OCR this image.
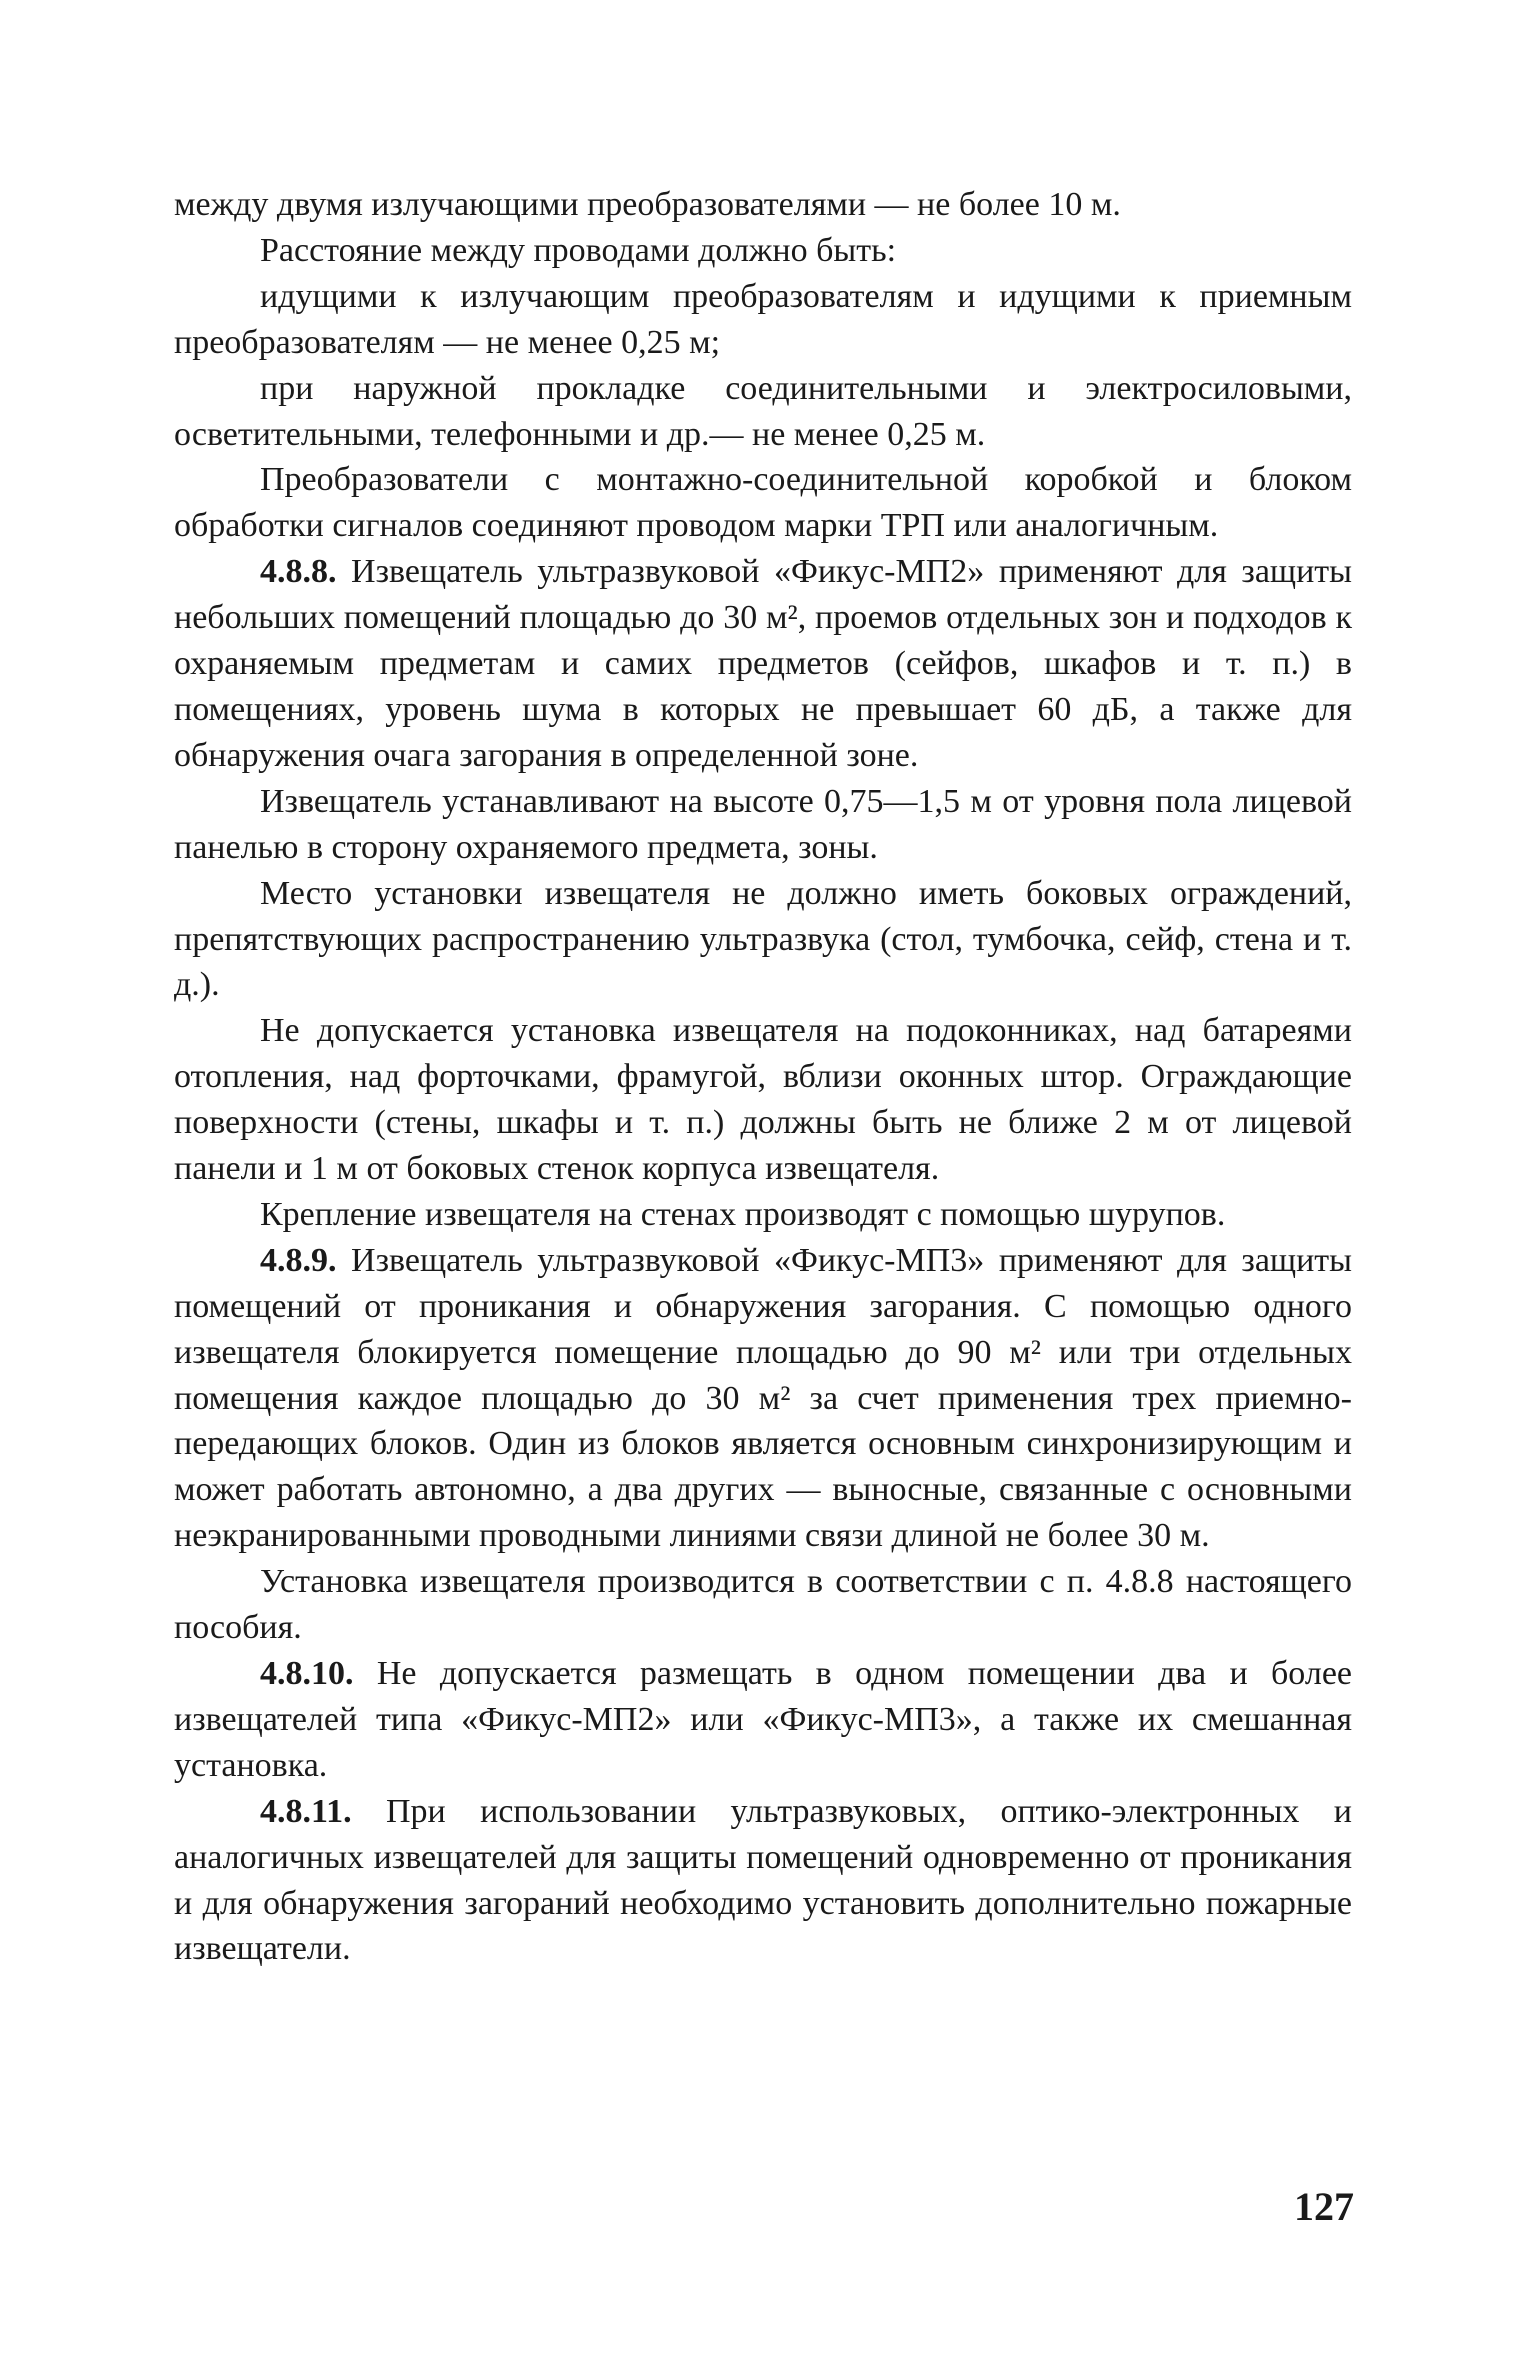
между двумя излучающими преобразователями — не более 10 м.

Расстояние между проводами должно быть:

идущими к излучающим преобразователям и идущими к приемным преобразователям — не менее 0,25 м;

при наружной прокладке соединительными и электросиловыми, осветительными, телефонными и др.— не менее 0,25 м.

Преобразователи с монтажно-соединительной коробкой и блоком обработки сигналов соединяют проводом марки ТРП или аналогичным.

4.8.8. Извещатель ультразвуковой «Фикус-МП2» применяют для защиты небольших помещений площадью до 30 м², проемов отдельных зон и подходов к охраняемым предметам и самих предметов (сейфов, шкафов и т. п.) в помещениях, уровень шума в которых не превышает 60 дБ, а также для обнаружения очага загорания в определенной зоне.

Извещатель устанавливают на высоте 0,75—1,5 м от уровня пола лицевой панелью в сторону охраняемого предмета, зоны.

Место установки извещателя не должно иметь боковых ограждений, препятствующих распространению ультразвука (стол, тумбочка, сейф, стена и т. д.).

Не допускается установка извещателя на подоконниках, над батареями отопления, над форточками, фрамугой, вблизи оконных штор. Ограждающие поверхности (стены, шкафы и т. п.) должны быть не ближе 2 м от лицевой панели и 1 м от боковых стенок корпуса извещателя.

Крепление извещателя на стенах производят с помощью шурупов.

4.8.9. Извещатель ультразвуковой «Фикус-МП3» применяют для защиты помещений от проникания и обнаружения загорания. С помощью одного извещателя блокируется помещение площадью до 90 м² или три отдельных помещения каждое площадью до 30 м² за счет применения трех приемно-передающих блоков. Один из блоков является основным синхронизирующим и может работать автономно, а два других — выносные, связанные с основными неэкранированными проводными линиями связи длиной не более 30 м.

Установка извещателя производится в соответствии с п. 4.8.8 настоящего пособия.

4.8.10. Не допускается размещать в одном помещении два и более извещателей типа «Фикус-МП2» или «Фикус-МП3», а также их смешанная установка.

4.8.11. При использовании ультразвуковых, оптико-электронных и аналогичных извещателей для защиты помещений одновременно от проникания и для обнаружения загораний необходимо установить дополнительно пожарные извещатели.

127
